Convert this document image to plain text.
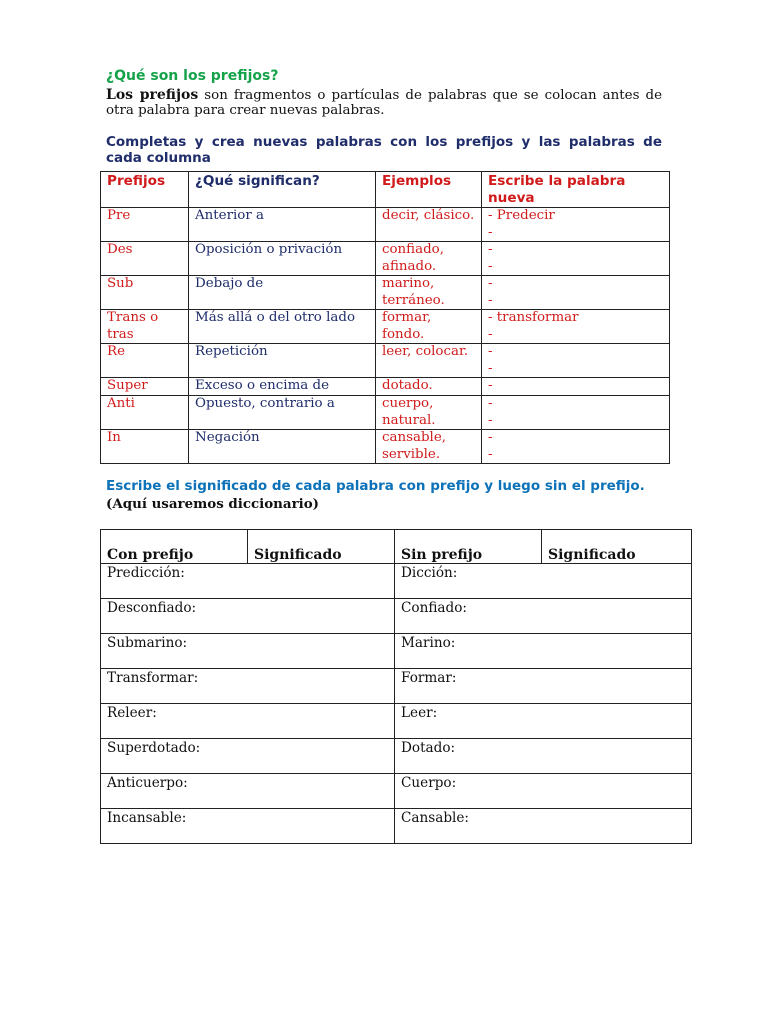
¿Qué son los prefijos?

Los prefijos son fragmentos o partículas de palabras que se colocan antes de otra palabra para crear nuevas palabras.

Completas y crea nuevas palabras con los prefijos y las palabras de cada columna

Prefijos	¿Qué significan?	Ejemplos	Escribe la palabra nueva
Pre	Anterior a	decir, clásico.	- Predecir
-

Des	Oposición o privación	confiado, afinado.	-
-

Sub	Debajo de	marino, terráneo.	-
-

Trans o tras	Más allá o del otro lado	formar, fondo.	- transformar
-

Re	Repetición	leer, colocar.	-
-

Super	Exceso o encima de	dotado.	-

Anti	Opuesto, contrario a	cuerpo, natural.	-
-

In	Negación	cansable, servible.	-
-
Escribe el significado de cada palabra con prefijo y luego sin el prefijo. (Aquí usaremos diccionario)
Con prefijo	Significado	Sin prefijo	Significado
Predicción:		Dicción:	
Desconfiado:		Confiado:	
Submarino:		Marino:	
Transformar:		Formar:	
Releer:		Leer:	
Superdotado:		Dotado:	
Anticuerpo:		Cuerpo:	
Incansable:		Cansable:	
